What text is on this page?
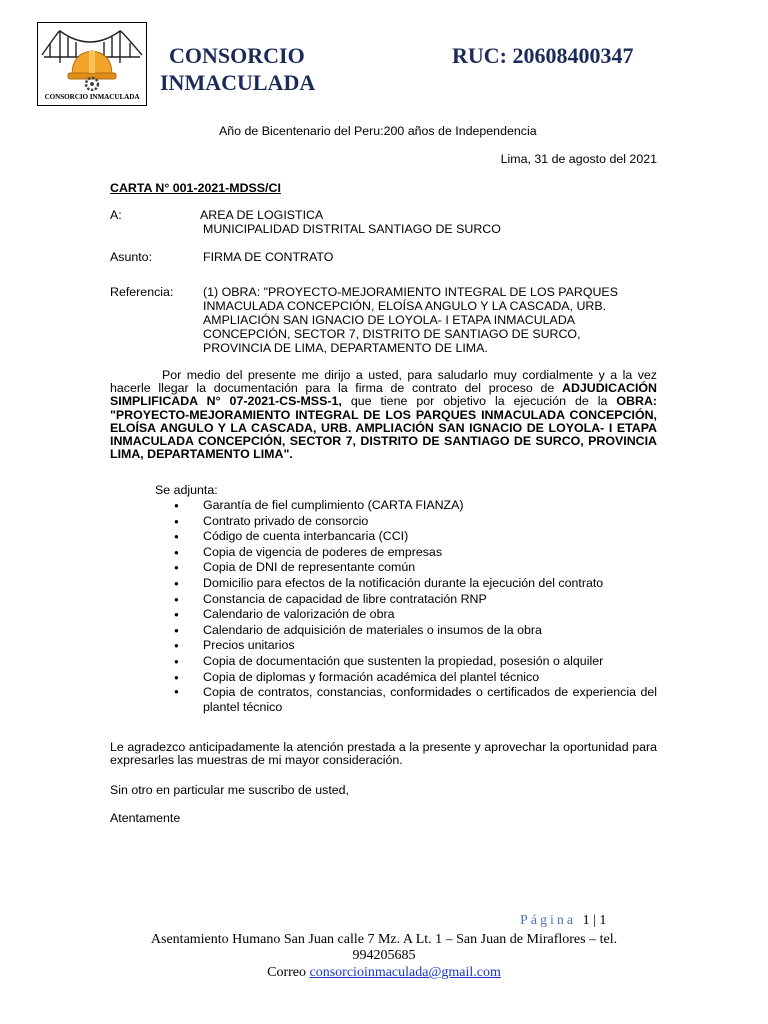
CONSORCIO INMACULADA
CONSORCIO
INMACULADA
RUC: 20608400347
Año de Bicentenario del Peru:200 años de Independencia
Lima, 31 de agosto del 2021
CARTA N° 001-2021-MDSS/CI
A:	AREA DE LOGISTICA
MUNICIPALIDAD DISTRITAL SANTIAGO DE SURCO
Asunto:	FIRMA DE CONTRATO
Referencia: (1) OBRA: "PROYECTO-MEJORAMIENTO INTEGRAL DE LOS PARQUES
INMACULADA CONCEPCIÓN, ELOÍSA ANGULO Y LA CASCADA, URB.
AMPLIACIÓN SAN IGNACIO DE LOYOLA- I ETAPA INMACULADA
CONCEPCIÓN, SECTOR 7, DISTRITO DE SANTIAGO DE SURCO,
PROVINCIA DE LIMA, DEPARTAMENTO DE LIMA.
Por medio del presente me dirijo a usted, para saludarlo muy cordialmente y a la vez hacerle llegar la documentación para la firma de contrato del proceso de ADJUDICACIÓN SIMPLIFICADA N° 07-2021-CS-MSS-1, que tiene por objetivo la ejecución de la OBRA: "PROYECTO-MEJORAMIENTO INTEGRAL DE LOS PARQUES INMACULADA CONCEPCIÓN, ELOÍSA ANGULO Y LA CASCADA, URB. AMPLIACIÓN SAN IGNACIO DE LOYOLA- I ETAPA INMACULADA CONCEPCIÓN, SECTOR 7, DISTRITO DE SANTIAGO DE SURCO, PROVINCIA LIMA, DEPARTAMENTO LIMA".
Se adjunta:
● Garantía de fiel cumplimiento (CARTA FIANZA)
● Contrato privado de consorcio
● Código de cuenta interbancaria (CCI)
● Copia de vigencia de poderes de empresas
● Copia de DNI de representante común
● Domicilio para efectos de la notificación durante la ejecución del contrato
● Constancia de capacidad de libre contratación RNP
● Calendario de valorización de obra
● Calendario de adquisición de materiales o insumos de la obra
● Precios unitarios
● Copia de documentación que sustenten la propiedad, posesión o alquiler
● Copia de diplomas y formación académica del plantel técnico
● Copia de contratos, constancias, conformidades o certificados de experiencia del plantel técnico
Le agradezco anticipadamente la atención prestada a la presente y aprovechar la oportunidad para expresarles las muestras de mi mayor consideración.
Sin otro en particular me suscribo de usted,
Atentamente
Página 1 | 1
Asentamiento Humano San Juan calle 7 Mz. A Lt. 1 – San Juan de Miraflores – tel.
994205685
Correo consorcioinmaculada@gmail.com
